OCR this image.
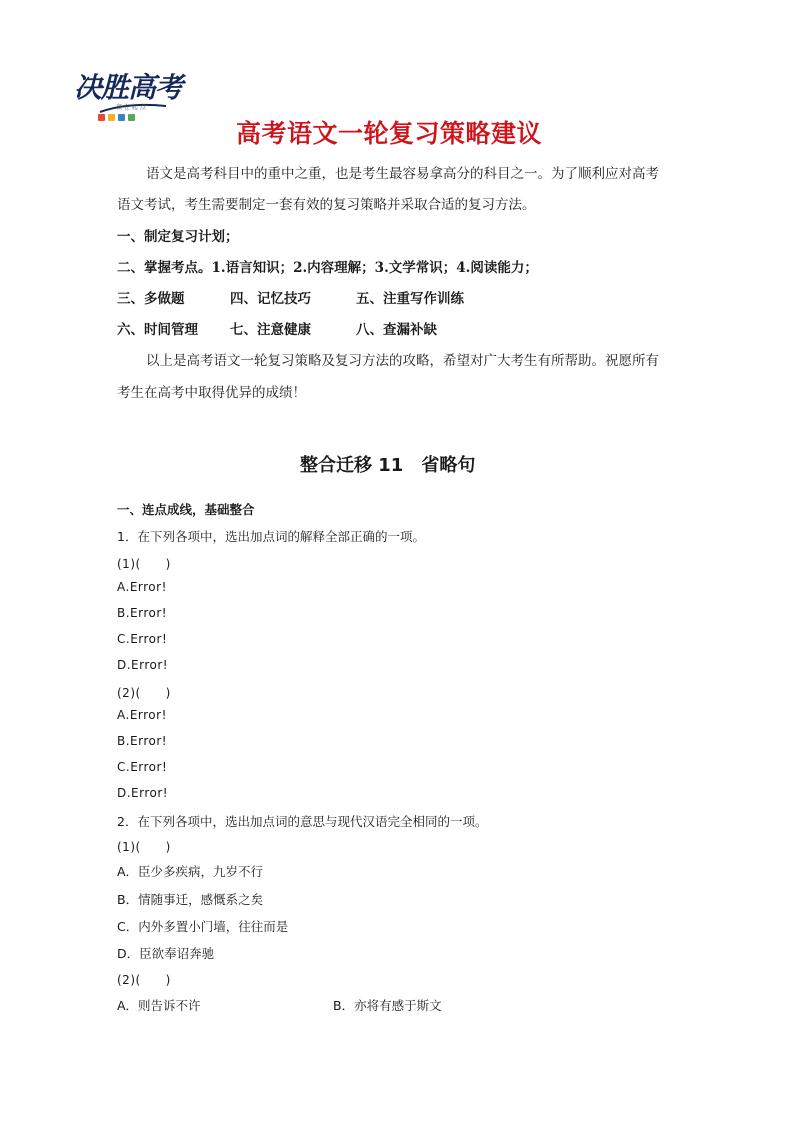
决胜高考
赢 在 起 点
高考语文一轮复习策略建议
语文是高考科目中的重中之重，也是考生最容易拿高分的科目之一。为了顺利应对高考
语文考试，考生需要制定一套有效的复习策略并采取合适的复习方法。
一、制定复习计划；
二、掌握考点。1.语言知识；2.内容理解；3.文学常识；4.阅读能力；
三、多做题	四、记忆技巧	五、注重写作训练
六、时间管理 七、注意健康	八、查漏补缺
以上是高考语文一轮复习策略及复习方法的攻略，希望对广大考生有所帮助。祝愿所有
考生在高考中取得优异的成绩！
整合迁移 11　省略句
一、连点成线，基础整合
1．在下列各项中，选出加点词的解释全部正确的一项。
(1)(　　)
A.Error!
B.Error!
C.Error!
D.Error!
(2)(　　)
A.Error!
B.Error!
C.Error!
D.Error!
2．在下列各项中，选出加点词的意思与现代汉语完全相同的一项。
(1)(　　)
A．臣少多疾病，九岁不行
B．情随事迁，感慨系之矣
C．内外多置小门墙，往往而是
D．臣欲奉诏奔驰
(2)(　　)
A．则告诉不许	B．亦将有感于斯文
